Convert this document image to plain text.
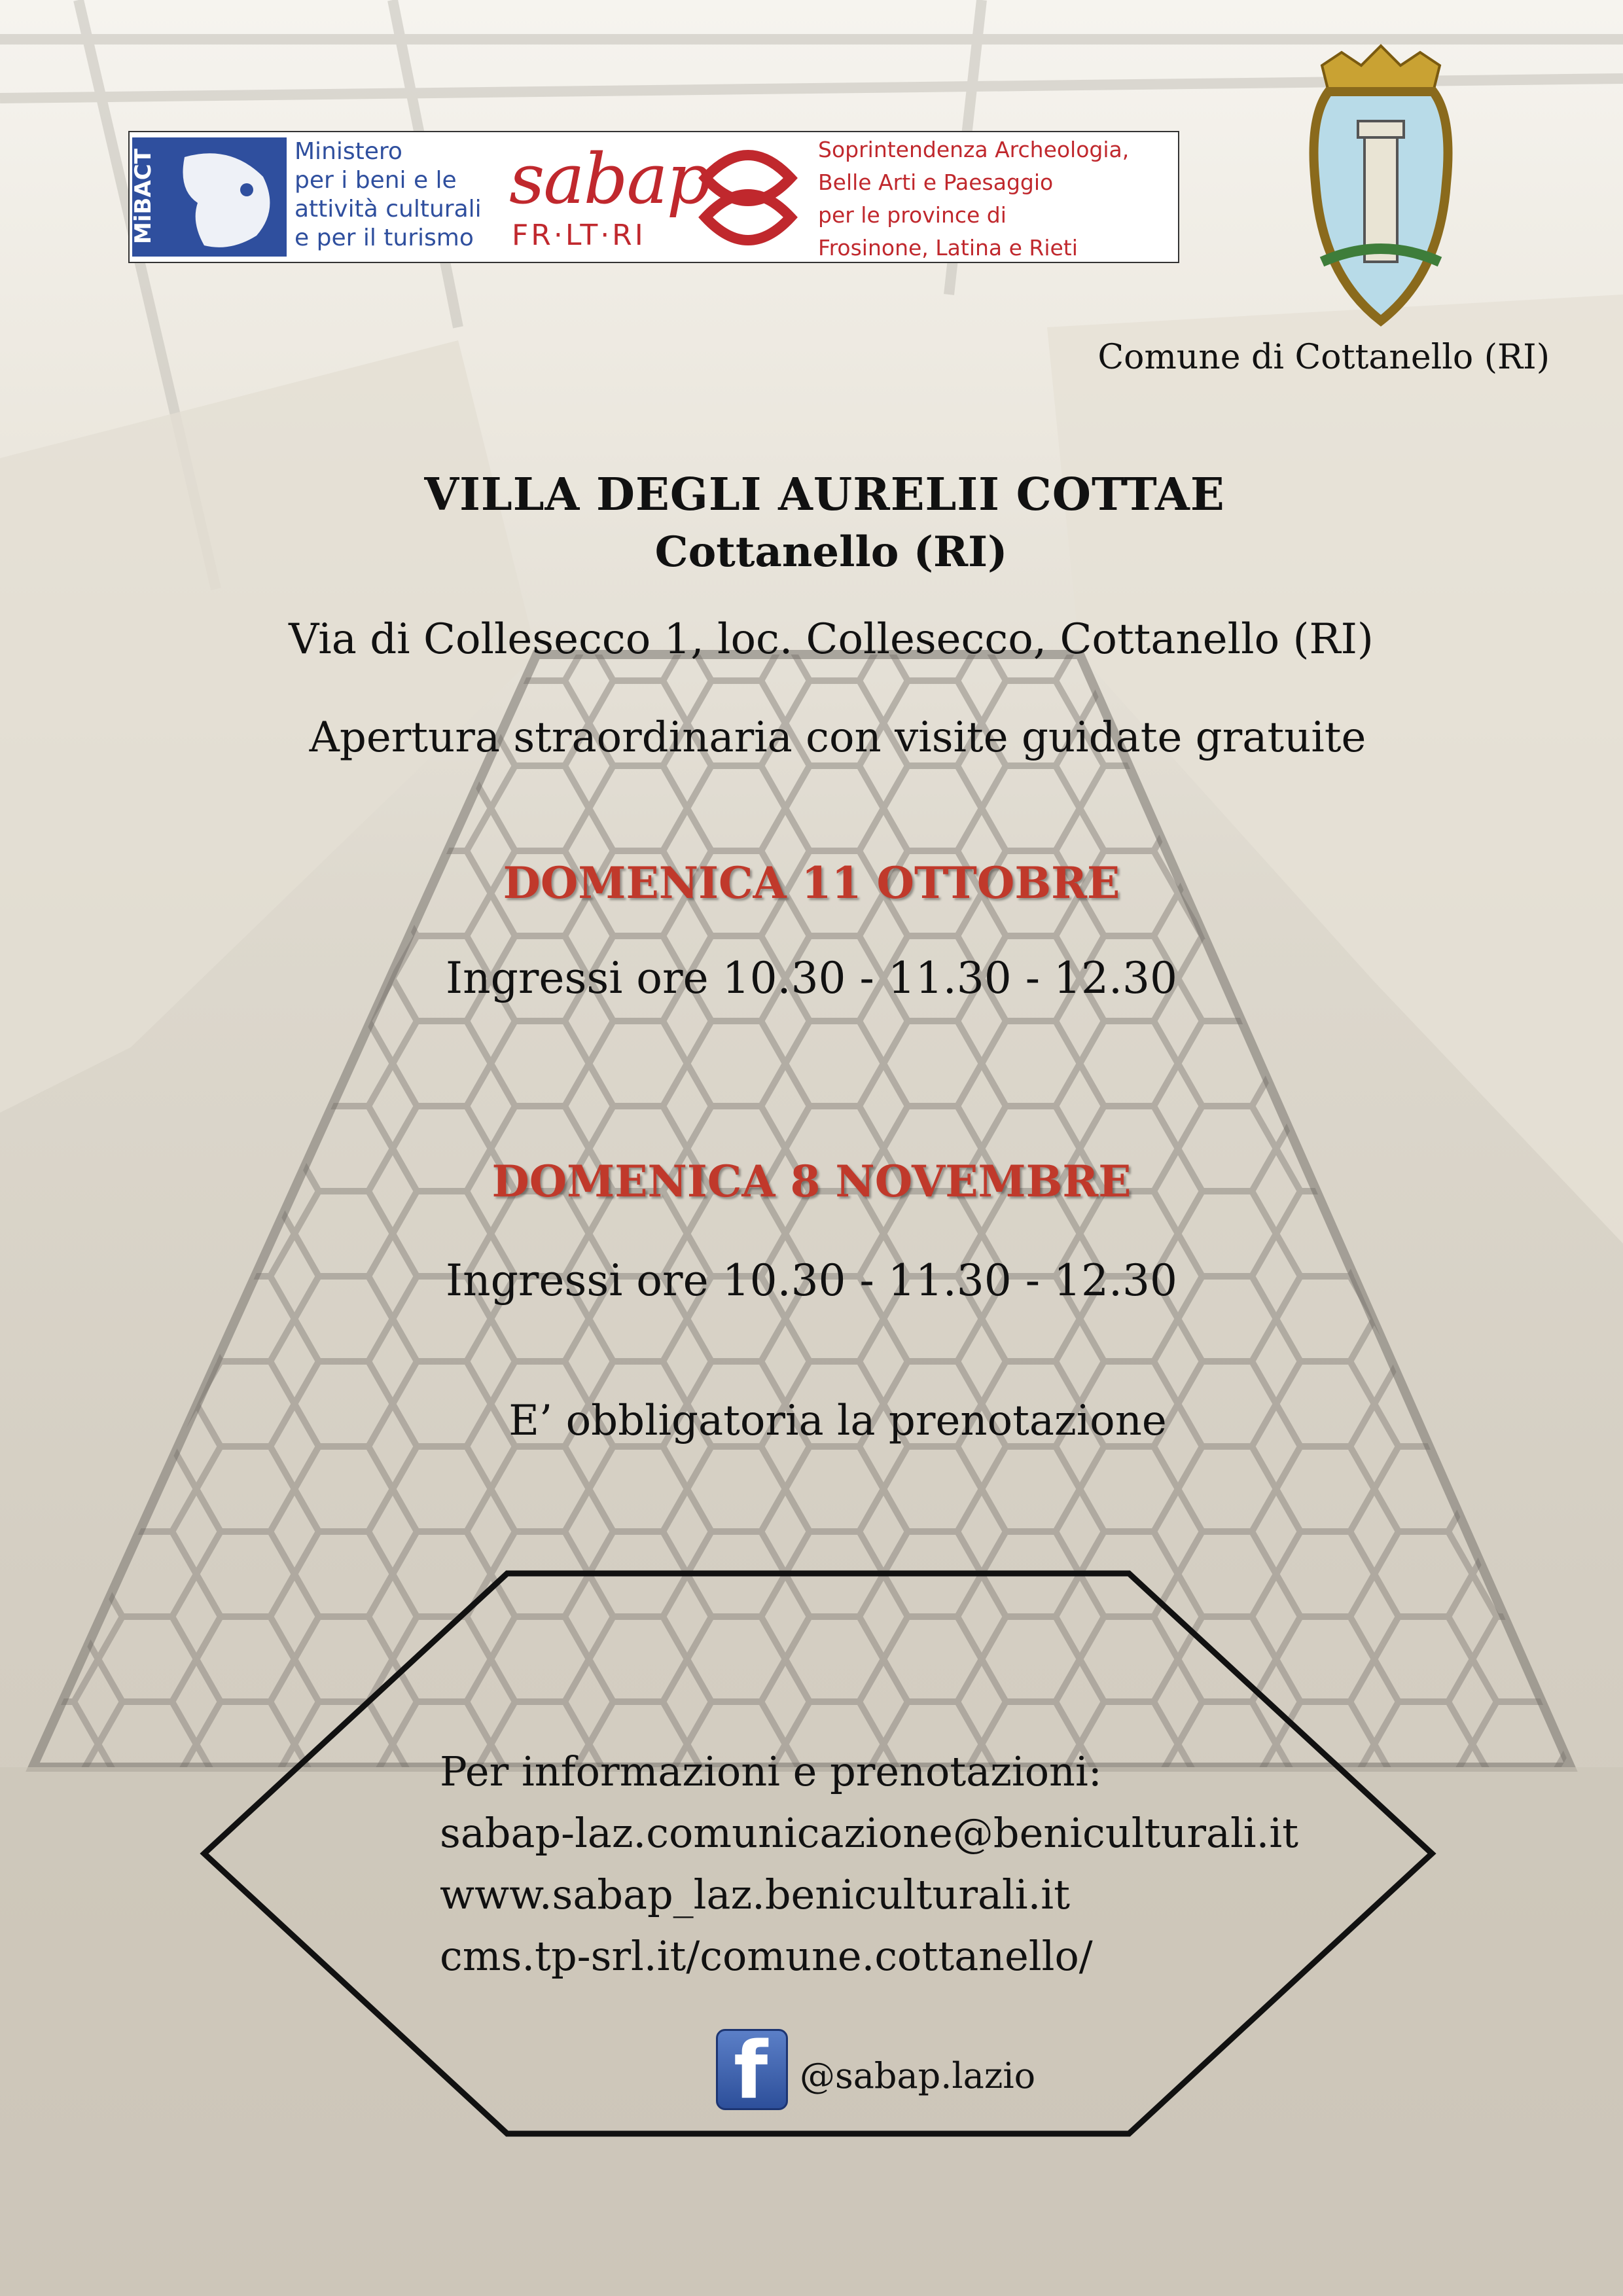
MiBACT	Ministero
per i beni e le
attività culturali
e per il turismo
sabap
FR·LT·RI
Soprintendenza Archeologia,
Belle Arti e Paesaggio
per le province di
Frosinone, Latina e Rieti
Comune di Cottanello (RI)
VILLA DEGLI AURELII COTTAE
Cottanello (RI)
Via di Collesecco 1, loc. Collesecco, Cottanello (RI)
Apertura straordinaria con visite guidate gratuite
DOMENICA 11 OTTOBRE
Ingressi ore 10.30 - 11.30 - 12.30
DOMENICA 8 NOVEMBRE
Ingressi ore 10.30 - 11.30 - 12.30
E’ obbligatoria la prenotazione
Per informazioni e prenotazioni:
sabap-laz.comunicazione@beniculturali.it
www.sabap_laz.beniculturali.it
cms.tp-srl.it/comune.cottanello/
f @sabap.lazio
